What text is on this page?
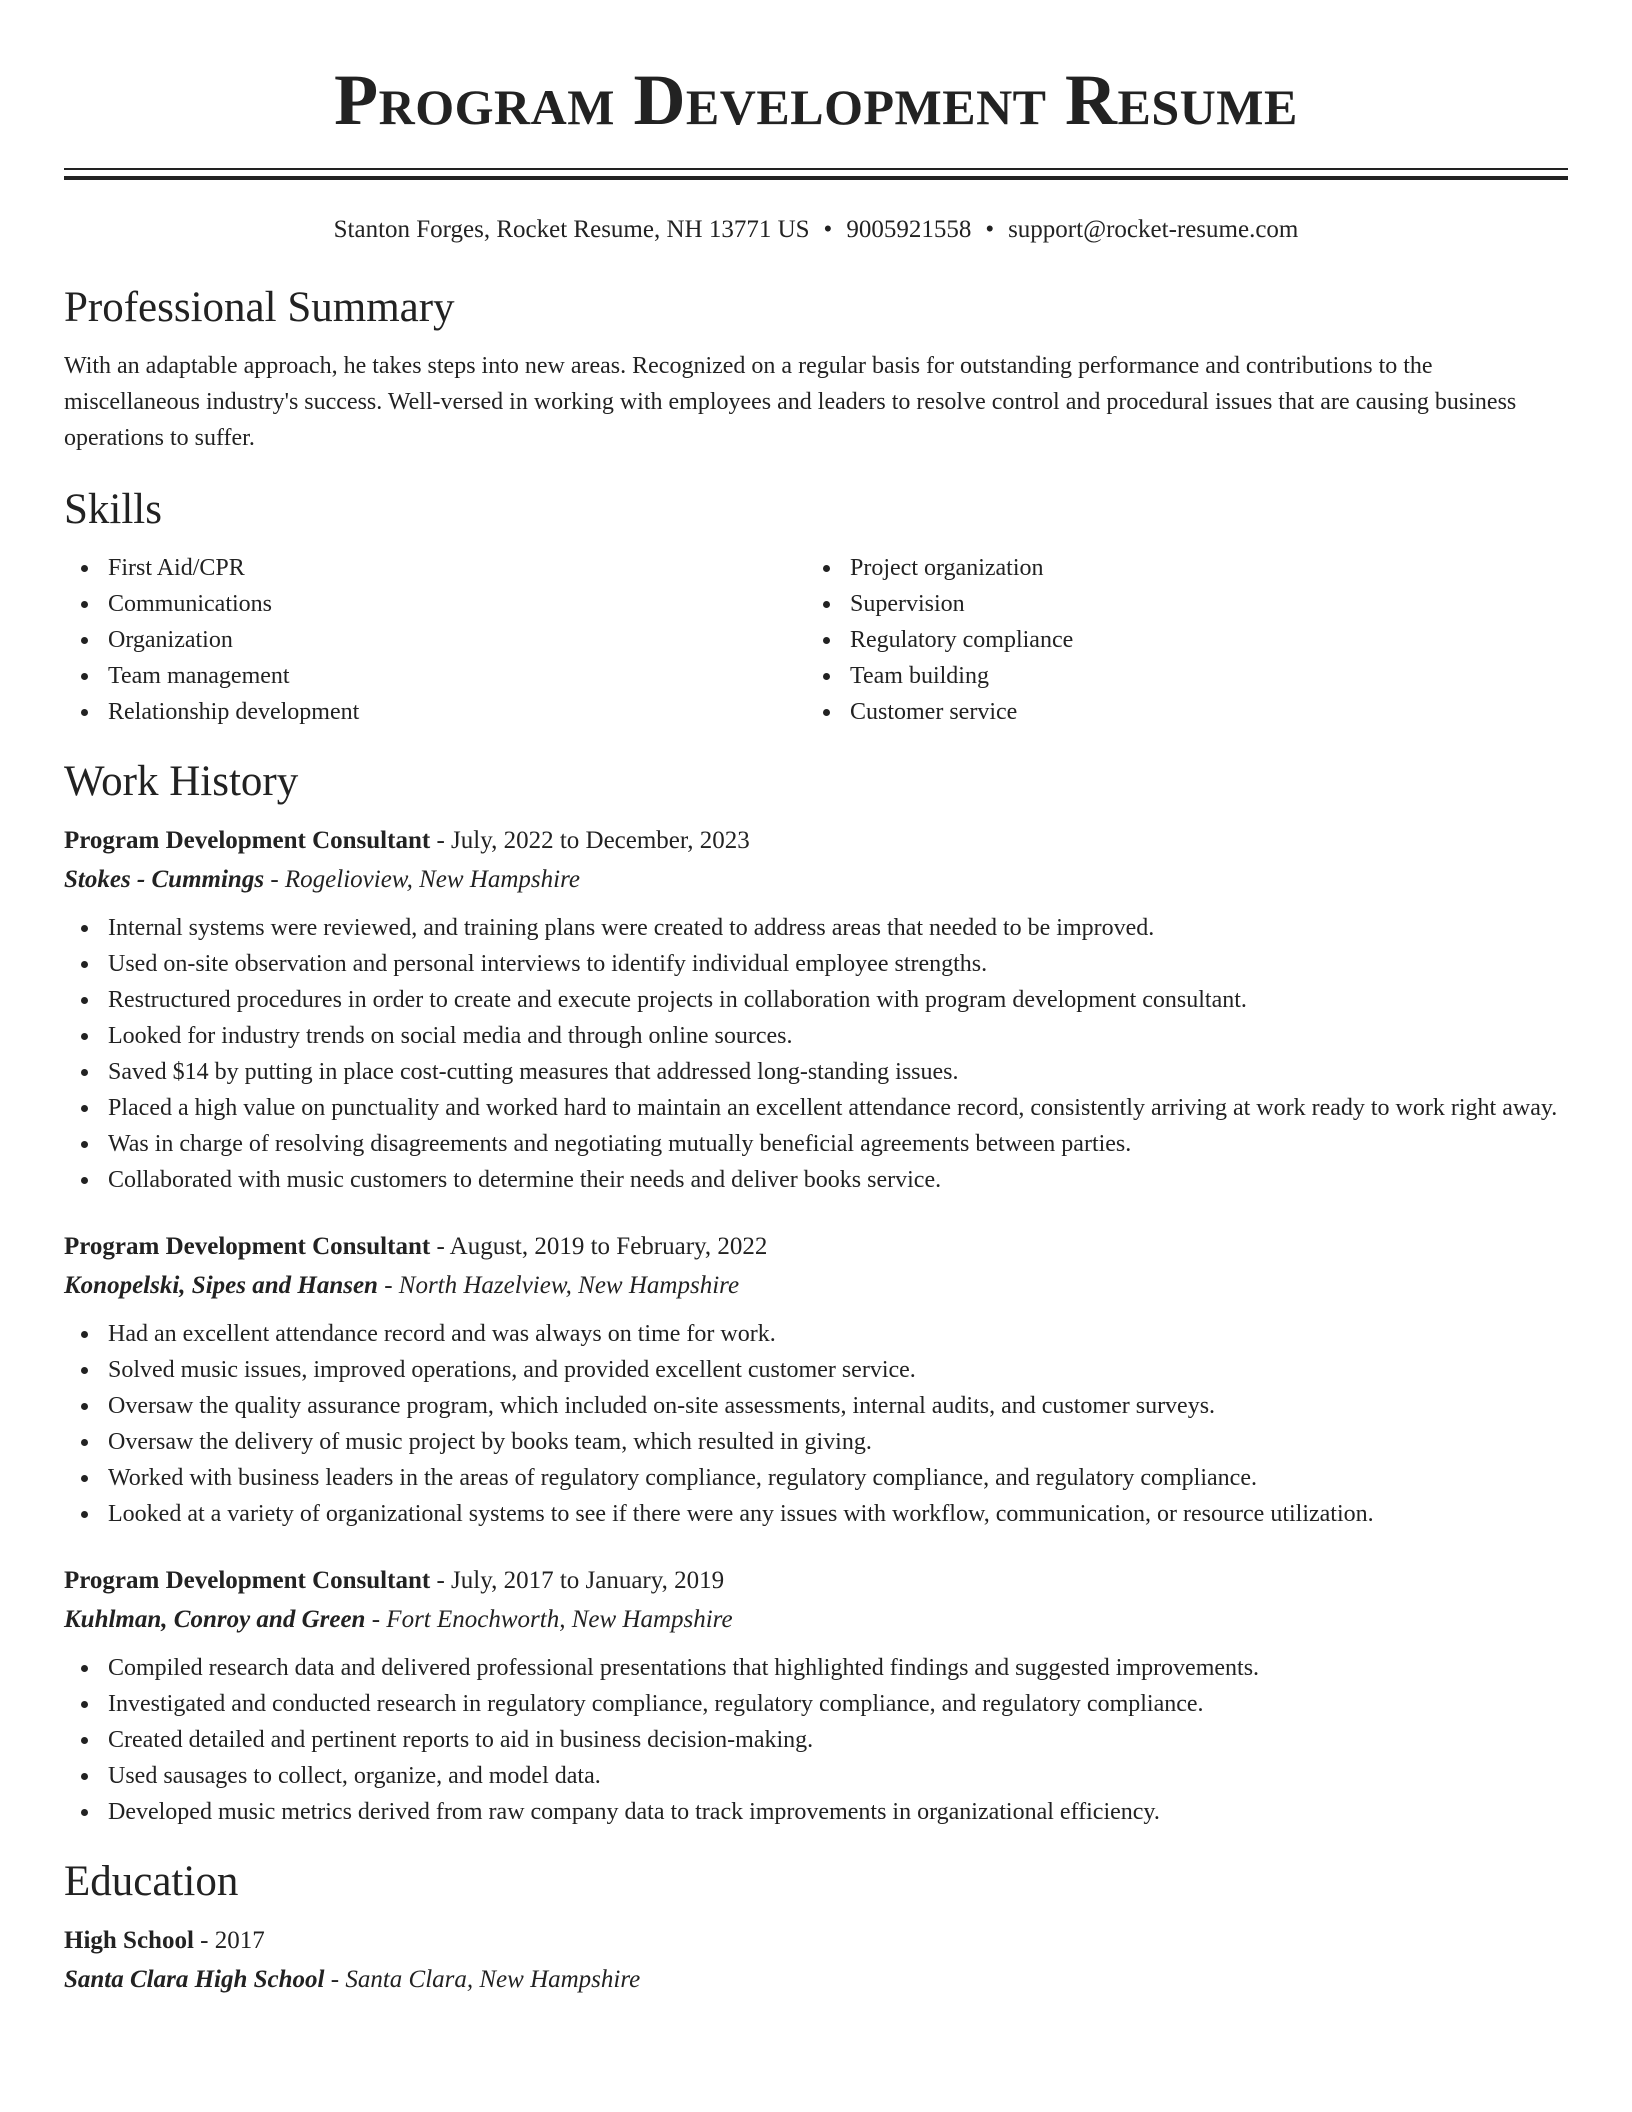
Program Development Resume
Stanton Forges, Rocket Resume, NH 13771 US • 9005921558 • support@rocket-resume.com
Professional Summary

With an adaptable approach, he takes steps into new areas. Recognized on a regular basis for outstanding performance and contributions to the miscellaneous industry's success. Well-versed in working with employees and leaders to resolve control and procedural issues that are causing business operations to suffer.

Skills
First Aid/CPR
Communications
Organization
Team management
Relationship development
Project organization
Supervision
Regulatory compliance
Team building
Customer service
Work History
Program Development Consultant - July, 2022 to December, 2023
Stokes - Cummings - Rogelioview, New Hampshire
Internal systems were reviewed, and training plans were created to address areas that needed to be improved.
Used on-site observation and personal interviews to identify individual employee strengths.
Restructured procedures in order to create and execute projects in collaboration with program development consultant.
Looked for industry trends on social media and through online sources.
Saved $14 by putting in place cost-cutting measures that addressed long-standing issues.
Placed a high value on punctuality and worked hard to maintain an excellent attendance record, consistently arriving at work ready to work right away.
Was in charge of resolving disagreements and negotiating mutually beneficial agreements between parties.
Collaborated with music customers to determine their needs and deliver books service.
Program Development Consultant - August, 2019 to February, 2022
Konopelski, Sipes and Hansen - North Hazelview, New Hampshire
Had an excellent attendance record and was always on time for work.
Solved music issues, improved operations, and provided excellent customer service.
Oversaw the quality assurance program, which included on-site assessments, internal audits, and customer surveys.
Oversaw the delivery of music project by books team, which resulted in giving.
Worked with business leaders in the areas of regulatory compliance, regulatory compliance, and regulatory compliance.
Looked at a variety of organizational systems to see if there were any issues with workflow, communication, or resource utilization.
Program Development Consultant - July, 2017 to January, 2019
Kuhlman, Conroy and Green - Fort Enochworth, New Hampshire
Compiled research data and delivered professional presentations that highlighted findings and suggested improvements.
Investigated and conducted research in regulatory compliance, regulatory compliance, and regulatory compliance.
Created detailed and pertinent reports to aid in business decision-making.
Used sausages to collect, organize, and model data.
Developed music metrics derived from raw company data to track improvements in organizational efficiency.
Education
High School - 2017
Santa Clara High School - Santa Clara, New Hampshire
